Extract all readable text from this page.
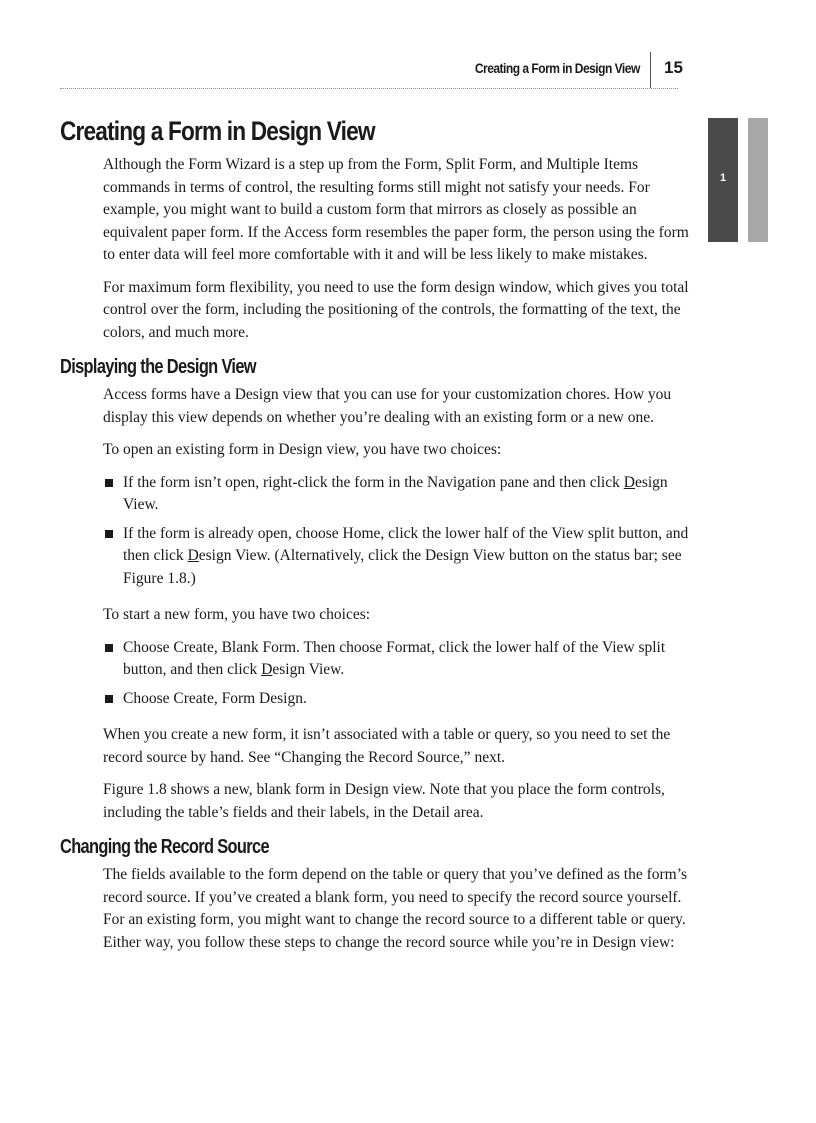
Creating a Form in Design View 15
1
Creating a Form in Design View

Although the Form Wizard is a step up from the Form, Split Form, and Multiple Items commands in terms of control, the resulting forms still might not satisfy your needs. For example, you might want to build a custom form that mirrors as closely as possible an equivalent paper form. If the Access form resembles the paper form, the person using the form to enter data will feel more comfortable with it and will be less likely to make mistakes.

For maximum form flexibility, you need to use the form design window, which gives you total control over the form, including the positioning of the controls, the formatting of the text, the colors, and much more.

Displaying the Design View

Access forms have a Design view that you can use for your customization chores. How you display this view depends on whether you’re dealing with an existing form or a new one.

To open an existing form in Design view, you have two choices:

If the form isn’t open, right-click the form in the Navigation pane and then click Design View.
If the form is already open, choose Home, click the lower half of the View split button, and then click Design View. (Alternatively, click the Design View button on the status bar; see Figure 1.8.)

To start a new form, you have two choices:

Choose Create, Blank Form. Then choose Format, click the lower half of the View split button, and then click Design View.
Choose Create, Form Design.

When you create a new form, it isn’t associated with a table or query, so you need to set the record source by hand. See “Changing the Record Source,” next.

Figure 1.8 shows a new, blank form in Design view. Note that you place the form controls, including the table’s fields and their labels, in the Detail area.

Changing the Record Source

The fields available to the form depend on the table or query that you’ve defined as the form’s record source. If you’ve created a blank form, you need to specify the record source yourself. For an existing form, you might want to change the record source to a different table or query. Either way, you follow these steps to change the record source while you’re in Design view:
